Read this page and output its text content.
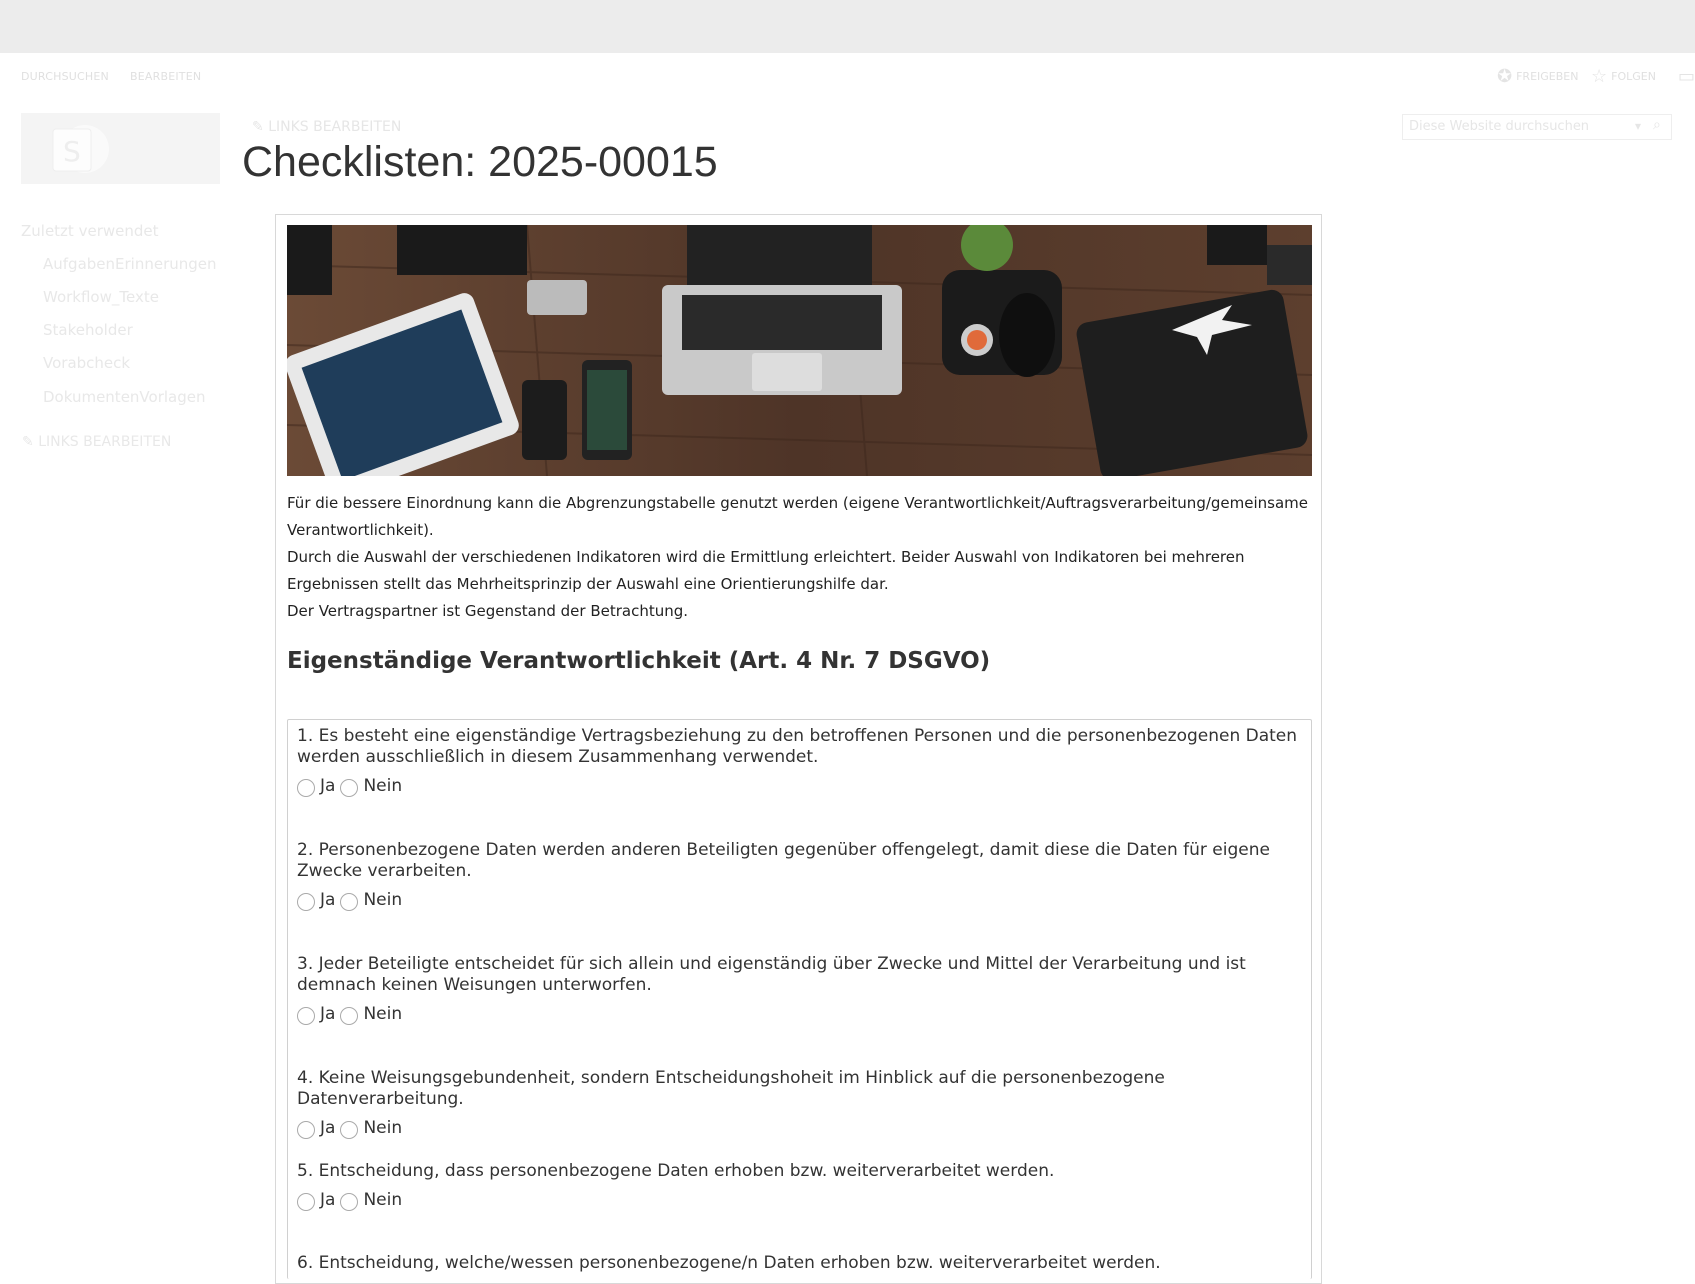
DURCHSUCHEN BEARBEITEN	✪ FREIGEBEN ☆ FOLGEN ▭
S
✎ LINKS BEARBEITEN
Checklisten: 2025-00015
Diese Website durchsuchen	▾ ⌕
Zuletzt verwendet
AufgabenErinnerungen
Workflow_Texte
Stakeholder
Vorabcheck
DokumentenVorlagen
✎ LINKS BEARBEITEN

Für die bessere Einordnung kann die Abgrenzungstabelle genutzt werden (eigene Verantwortlichkeit/Auftragsverarbeitung/gemeinsame Verantwortlichkeit).

Durch die Auswahl der verschiedenen Indikatoren wird die Ermittlung erleichtert. Beider Auswahl von Indikatoren bei mehreren Ergebnissen stellt das Mehrheitsprinzip der Auswahl eine Orientierungshilfe dar.

Der Vertragspartner ist Gegenstand der Betrachtung.

Eigenständige Verantwortlichkeit (Art. 4 Nr. 7 DSGVO)
1. Es besteht eine eigenständige Vertragsbeziehung zu den betroffenen Personen und die personenbezogenen Daten werden ausschließlich in diesem Zusammenhang verwendet.
Ja Nein
2. Personenbezogene Daten werden anderen Beteiligten gegenüber offengelegt, damit diese die Daten für eigene Zwecke verarbeiten.
Ja Nein
3. Jeder Beteiligte entscheidet für sich allein und eigenständig über Zwecke und Mittel der Verarbeitung und ist demnach keinen Weisungen unterworfen.
Ja Nein
4. Keine Weisungsgebundenheit, sondern Entscheidungshoheit im Hinblick auf die personenbezogene Datenverarbeitung.
Ja Nein
5. Entscheidung, dass personenbezogene Daten erhoben bzw. weiterverarbeitet werden.
Ja Nein
6. Entscheidung, welche/wessen personenbezogene/n Daten erhoben bzw. weiterverarbeitet werden.
